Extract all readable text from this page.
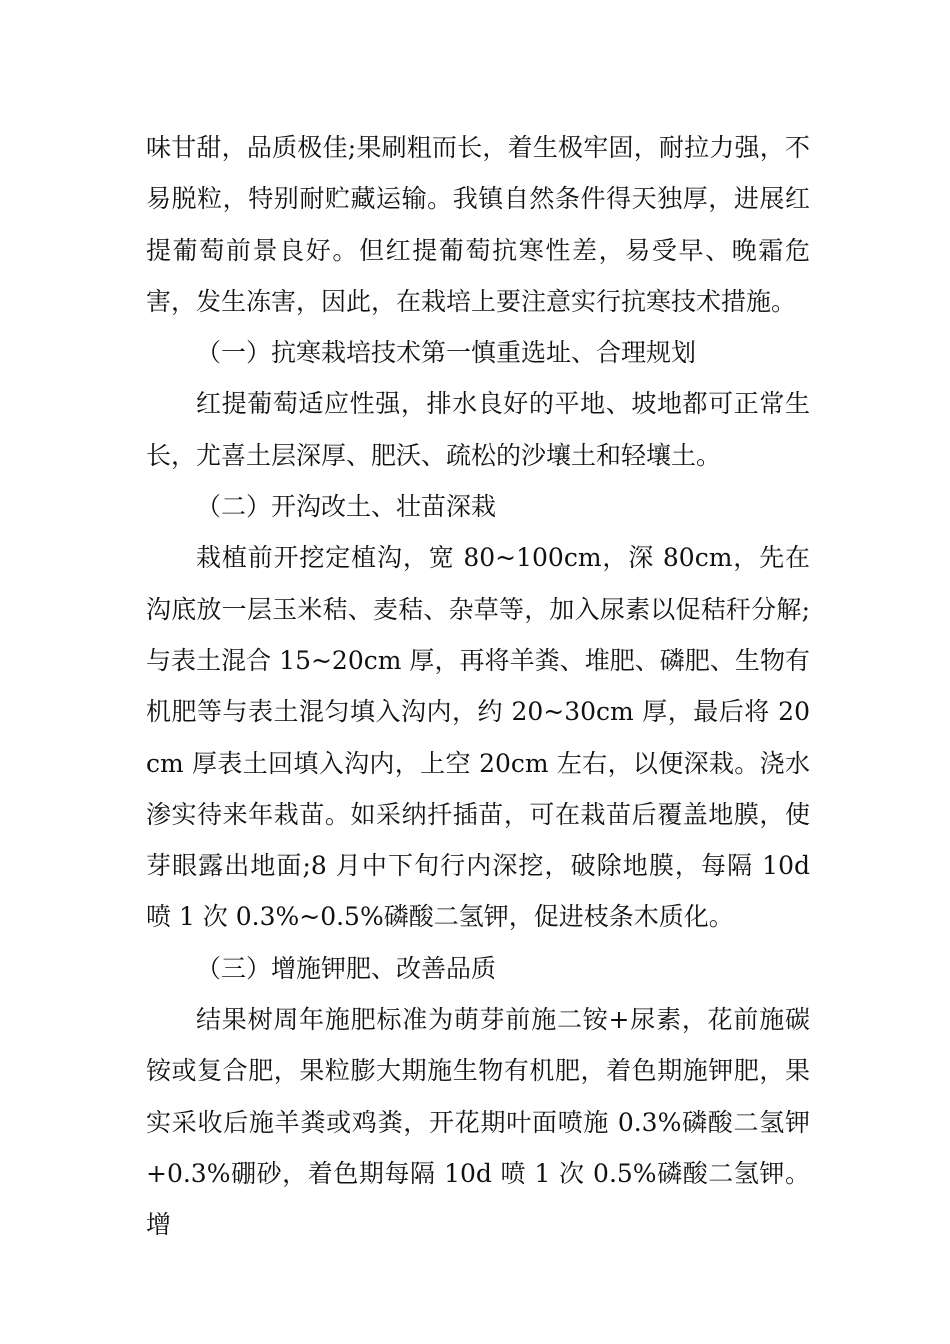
味甘甜，品质极佳;果刷粗而长，着生极牢固，耐拉力强，不易脱粒，特别耐贮藏运输。我镇自然条件得天独厚，进展红提葡萄前景良好。但红提葡萄抗寒性差，易受早、晚霜危害，发生冻害，因此，在栽培上要注意实行抗寒技术措施。

（一）抗寒栽培技术第一慎重选址、合理规划

红提葡萄适应性强，排水良好的平地、坡地都可正常生长，尤喜土层深厚、肥沃、疏松的沙壤土和轻壤土。

（二）开沟改土、壮苗深栽

栽植前开挖定植沟，宽 80~100cm，深 80cm，先在沟底放一层玉米秸、麦秸、杂草等，加入尿素以促秸秆分解;与表土混合 15~20cm 厚，再将羊粪、堆肥、磷肥、生物有机肥等与表土混匀填入沟内，约 20~30cm 厚，最后将 20cm 厚表土回填入沟内，上空 20cm 左右，以便深栽。浇水渗实待来年栽苗。如采纳扦插苗，可在栽苗后覆盖地膜，使芽眼露出地面;8 月中下旬行内深挖，破除地膜，每隔 10d 喷 1 次 0.3%~0.5%磷酸二氢钾，促进枝条木质化。

（三）增施钾肥、改善品质

结果树周年施肥标准为萌芽前施二铵+尿素，花前施碳铵或复合肥，果粒膨大期施生物有机肥，着色期施钾肥，果实采收后施羊粪或鸡粪，开花期叶面喷施 0.3%磷酸二氢钾+0.3%硼砂，着色期每隔 10d 喷 1 次 0.5%磷酸二氢钾。增
